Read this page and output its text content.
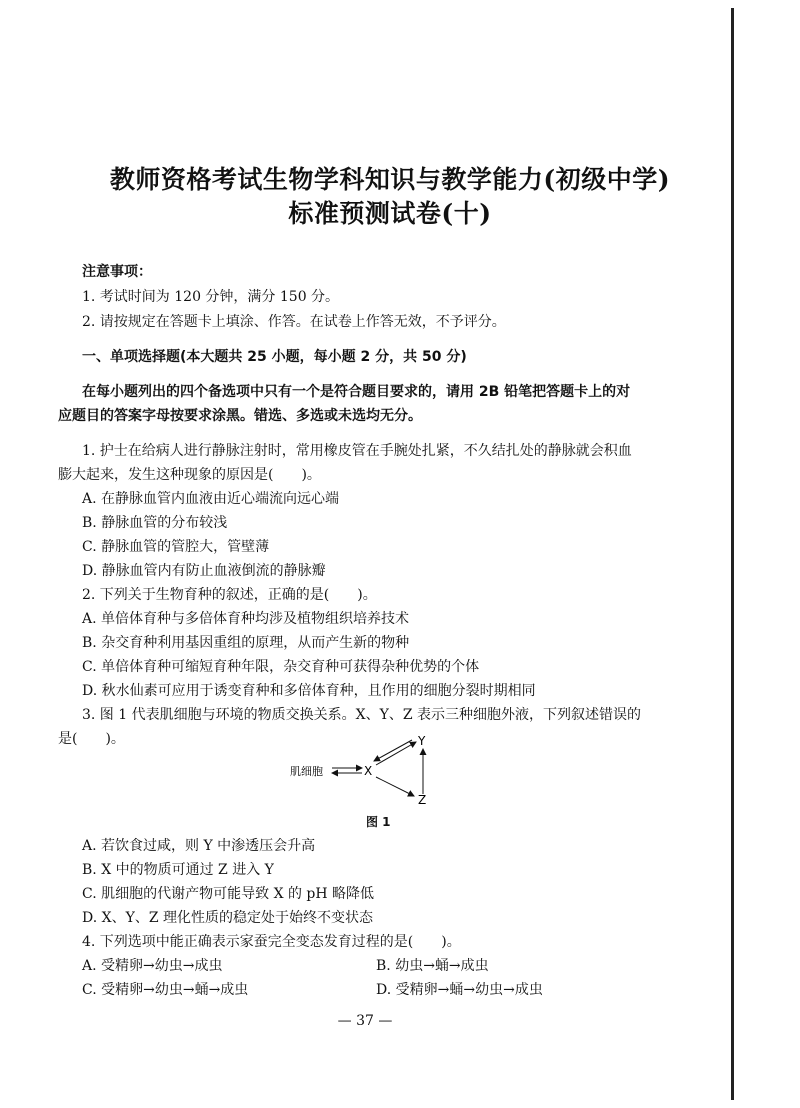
教师资格考试生物学科知识与教学能力(初级中学)
标准预测试卷(十)
注意事项：
1. 考试时间为 120 分钟，满分 150 分。
2. 请按规定在答题卡上填涂、作答。在试卷上作答无效，不予评分。
一、单项选择题(本大题共 25 小题，每小题 2 分，共 50 分)
在每小题列出的四个备选项中只有一个是符合题目要求的，请用 2B 铅笔把答题卡上的对
应题目的答案字母按要求涂黑。错选、多选或未选均无分。
1. 护士在给病人进行静脉注射时，常用橡皮管在手腕处扎紧，不久结扎处的静脉就会积血
膨大起来，发生这种现象的原因是(　　)。
A. 在静脉血管内血液由近心端流向远心端
B. 静脉血管的分布较浅
C. 静脉血管的管腔大，管壁薄
D. 静脉血管内有防止血液倒流的静脉瓣
2. 下列关于生物育种的叙述，正确的是(　　)。
A. 单倍体育种与多倍体育种均涉及植物组织培养技术
B. 杂交育种利用基因重组的原理，从而产生新的物种
C. 单倍体育种可缩短育种年限，杂交育种可获得杂种优势的个体
D. 秋水仙素可应用于诱变育种和多倍体育种，且作用的细胞分裂时期相同
3. 图 1 代表肌细胞与环境的物质交换关系。X、Y、Z 表示三种细胞外液，下列叙述错误的
是(　　)。
肌细胞	X
Y
Z
图 1
A. 若饮食过咸，则 Y 中渗透压会升高
B. X 中的物质可通过 Z 进入 Y
C. 肌细胞的代谢产物可能导致 X 的 pH 略降低
D. X、Y、Z 理化性质的稳定处于始终不变状态
4. 下列选项中能正确表示家蚕完全变态发育过程的是(　　)。
A. 受精卵→幼虫→成虫	B. 幼虫→蛹→成虫
C. 受精卵→幼虫→蛹→成虫	D. 受精卵→蛹→幼虫→成虫
— 37 —
